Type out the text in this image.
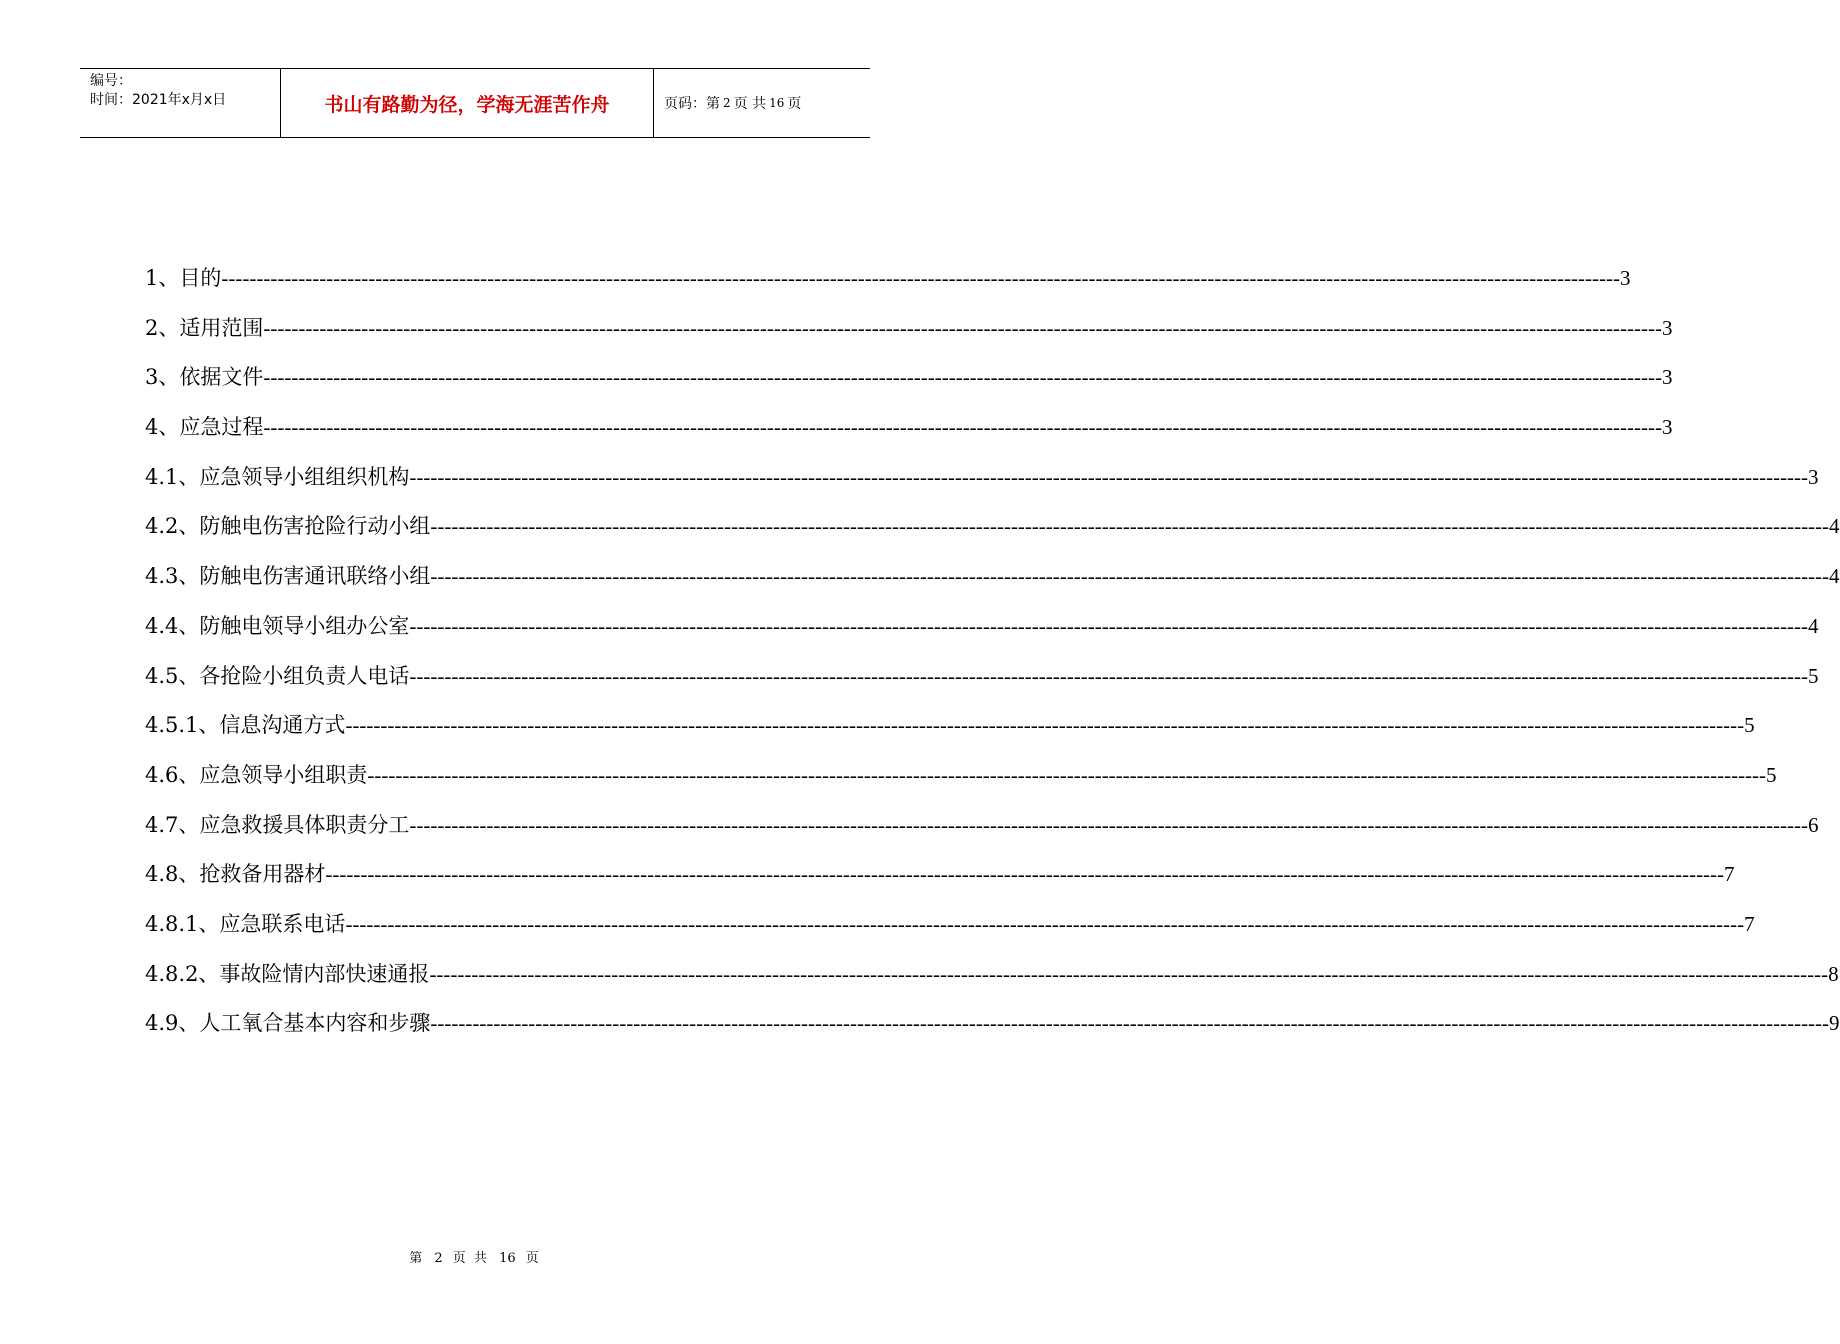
编号：
时间：2021年x月x日	书山有路勤为径，学海无涯苦作舟	页码：第 2 页 共 16 页
1、目的 -------------------------------------------------------------------------------------------------------------------------------------------------------------------------------------------------------- 3
2、适用范围 -------------------------------------------------------------------------------------------------------------------------------------------------------------------------------------------------------- 3
3、依据文件 -------------------------------------------------------------------------------------------------------------------------------------------------------------------------------------------------------- 3
4、应急过程 -------------------------------------------------------------------------------------------------------------------------------------------------------------------------------------------------------- 3
4.1、应急领导小组组织机构 -------------------------------------------------------------------------------------------------------------------------------------------------------------------------------------------------------- 3
4.2、防触电伤害抢险行动小组 -------------------------------------------------------------------------------------------------------------------------------------------------------------------------------------------------------- 4
4.3、防触电伤害通讯联络小组 -------------------------------------------------------------------------------------------------------------------------------------------------------------------------------------------------------- 4
4.4、防触电领导小组办公室 -------------------------------------------------------------------------------------------------------------------------------------------------------------------------------------------------------- 4
4.5、各抢险小组负责人电话 -------------------------------------------------------------------------------------------------------------------------------------------------------------------------------------------------------- 5
4.5.1、信息沟通方式 -------------------------------------------------------------------------------------------------------------------------------------------------------------------------------------------------------- 5
4.6、应急领导小组职责 -------------------------------------------------------------------------------------------------------------------------------------------------------------------------------------------------------- 5
4.7、应急救援具体职责分工 -------------------------------------------------------------------------------------------------------------------------------------------------------------------------------------------------------- 6
4.8、抢救备用器材 -------------------------------------------------------------------------------------------------------------------------------------------------------------------------------------------------------- 7
4.8.1、应急联系电话 -------------------------------------------------------------------------------------------------------------------------------------------------------------------------------------------------------- 7
4.8.2、事故险情内部快速通报 -------------------------------------------------------------------------------------------------------------------------------------------------------------------------------------------------------- 8
4.9、人工氧合基本内容和步骤 -------------------------------------------------------------------------------------------------------------------------------------------------------------------------------------------------------- 9
第 2 页 共 16 页
